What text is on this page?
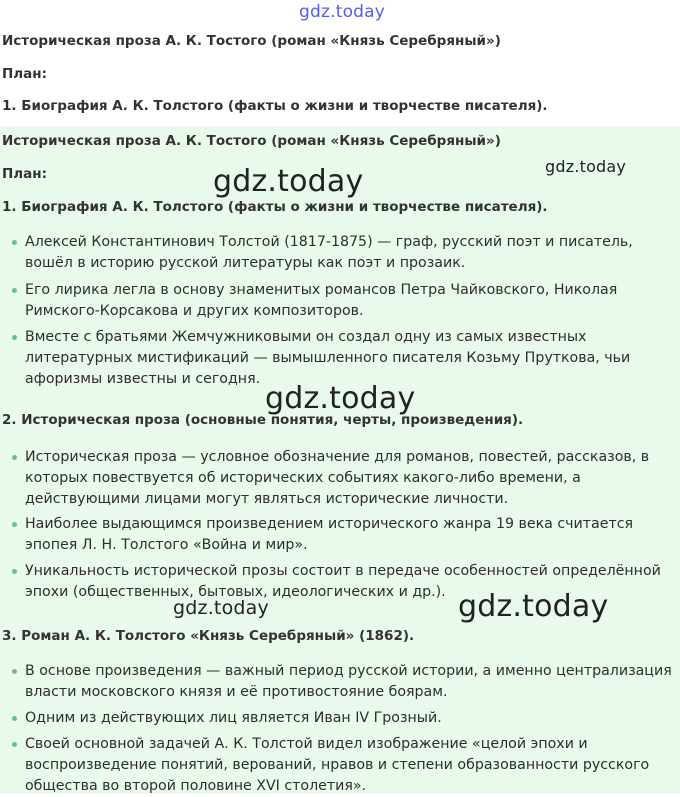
gdz.today
Историческая проза А. К. Тостого (роман «Князь Серебряный»)
План:
1. Биография А. К. Толстого (факты о жизни и творчестве писателя).
Историческая проза А. К. Тостого (роман «Князь Серебряный»)
План:
1. Биография А. К. Толстого (факты о жизни и творчестве писателя).
Алексей Константинович Толстой (1817-1875) — граф, русский поэт и писатель, вошёл в историю русской литературы как поэт и прозаик.
Его лирика легла в основу знаменитых романсов Петра Чайковского, Николая Римского-Корсакова и других композиторов.
Вместе с братьями Жемчужниковыми он создал одну из самых известных литературных мистификаций — вымышленного писателя Козьму Пруткова, чьи афоризмы известны и сегодня.
2. Историческая проза (основные понятия, черты, произведения).
Историческая проза — условное обозначение для романов, повестей, рассказов, в которых повествуется об исторических событиях какого-либо времени, а действующими лицами могут являться исторические личности.
Наиболее выдающимся произведением исторического жанра 19 века считается эпопея Л. Н. Толстого «Война и мир».
Уникальность исторической прозы состоит в передаче особенностей определённой эпохи (общественных, бытовых, идеологических и др.).
3. Роман А. К. Толстого «Князь Серебряный» (1862).
В основе произведения — важный период русской истории, а именно централизация власти московского князя и её противостояние боярам.
Одним из действующих лиц является Иван IV Грозный.
Своей основной задачей А. К. Толстой видел изображение «целой эпохи и воспроизведение понятий, верований, нравов и степени образованности русского общества во второй половине XVI столетия».
gdz.today	gdz.today
gdz.today
gdz.today	gdz.today
